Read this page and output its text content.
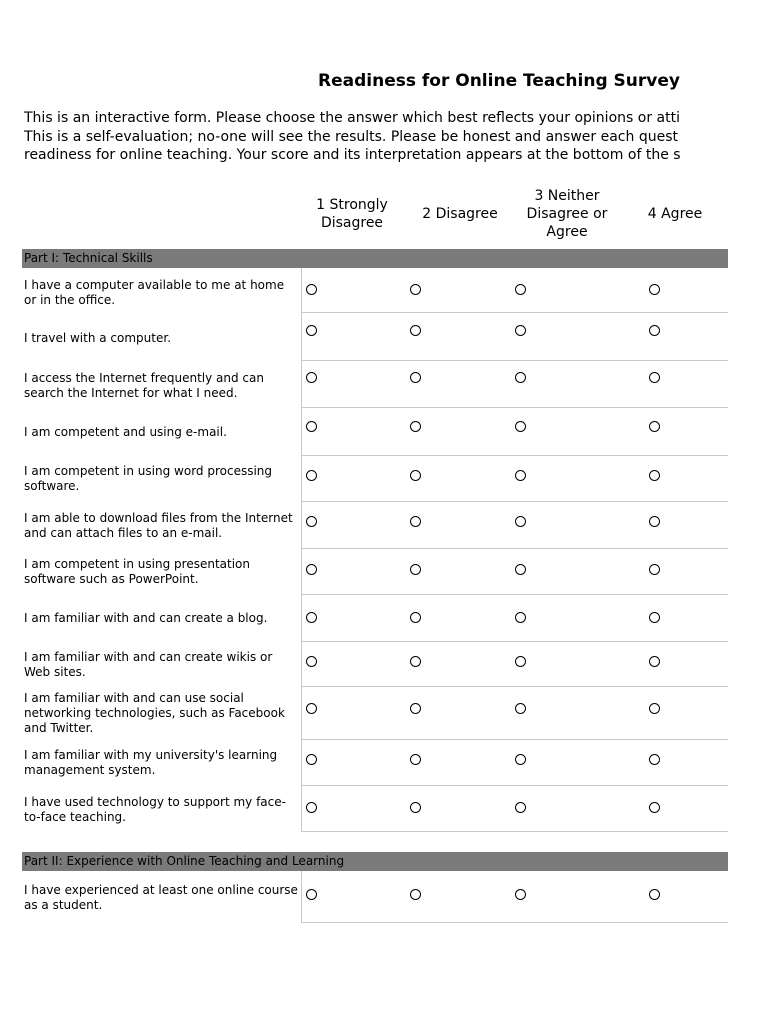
Readiness for Online Teaching Survey
This is an interactive form. Please choose the answer which best reflects your opinions or atti
This is a self-evaluation; no-one will see the results. Please be honest and answer each quest
readiness for online teaching. Your score and its interpretation appears at the bottom of the s
1 Strongly
Disagree
2 Disagree
3 Neither
Disagree or
Agree
4 Agree
Part I: Technical Skills
Part II: Experience with Online Teaching and Learning
I have a computer available to me at home or in the office.
I travel with a computer.
I access the Internet frequently and can search the Internet for what I need.
I am competent and using e-mail.
I am competent in using word processing software.
I am able to download files from the Internet and can attach files to an e-mail.
I am competent in using presentation software such as PowerPoint.
I am familiar with and can create a blog.
I am familiar with and can create wikis or Web sites.
I am familiar with and can use social networking technologies, such as Facebook and Twitter.
I am familiar with my university's learning management system.
I have used technology to support my face-to-face teaching.
I have experienced at least one online course as a student.
